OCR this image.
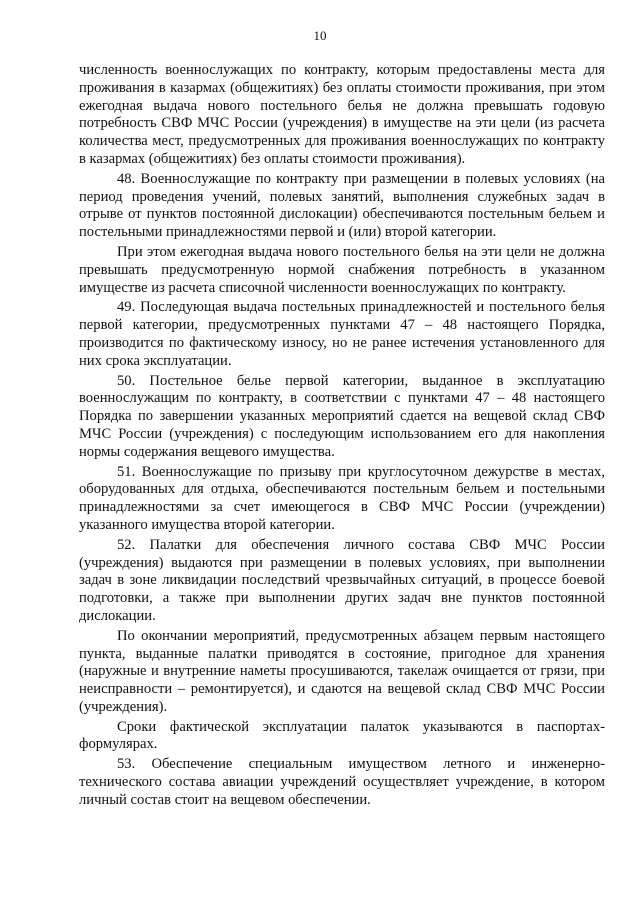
10

численность военнослужащих по контракту, которым предоставлены места для проживания в казармах (общежитиях) без оплаты стоимости проживания, при этом ежегодная выдача нового постельного белья не должна превышать годовую потребность СВФ МЧС России (учреждения) в имуществе на эти цели (из расчета количества мест, предусмотренных для проживания военнослужащих по контракту в казармах (общежитиях) без оплаты стоимости проживания).

48. Военнослужащие по контракту при размещении в полевых условиях (на период проведения учений, полевых занятий, выполнения служебных задач в отрыве от пунктов постоянной дислокации) обеспечиваются постельным бельем и постельными принадлежностями первой и (или) второй категории.

При этом ежегодная выдача нового постельного белья на эти цели не должна превышать предусмотренную нормой снабжения потребность в указанном имуществе из расчета списочной численности военнослужащих по контракту.

49. Последующая выдача постельных принадлежностей и постельного белья первой категории, предусмотренных пунктами 47 – 48 настоящего Порядка, производится по фактическому износу, но не ранее истечения установленного для них срока эксплуатации.

50. Постельное белье первой категории, выданное в эксплуатацию военнослужащим по контракту, в соответствии с пунктами 47 – 48 настоящего Порядка по завершении указанных мероприятий сдается на вещевой склад СВФ МЧС России (учреждения) с последующим использованием его для накопления нормы содержания вещевого имущества.

51. Военнослужащие по призыву при круглосуточном дежурстве в местах, оборудованных для отдыха, обеспечиваются постельным бельем и постельными принадлежностями за счет имеющегося в СВФ МЧС России (учреждении) указанного имущества второй категории.

52. Палатки для обеспечения личного состава СВФ МЧС России (учреждения) выдаются при размещении в полевых условиях, при выполнении задач в зоне ликвидации последствий чрезвычайных ситуаций, в процессе боевой подготовки, а также при выполнении других задач вне пунктов постоянной дислокации.

По окончании мероприятий, предусмотренных абзацем первым настоящего пункта, выданные палатки приводятся в состояние, пригодное для хранения (наружные и внутренние наметы просушиваются, такелаж очищается от грязи, при неисправности – ремонтируется), и сдаются на вещевой склад СВФ МЧС России (учреждения).

Сроки фактической эксплуатации палаток указываются в паспортах-формулярах.

53. Обеспечение специальным имуществом летного и инженерно-технического состава авиации учреждений осуществляет учреждение, в котором личный состав стоит на вещевом обеспечении.
